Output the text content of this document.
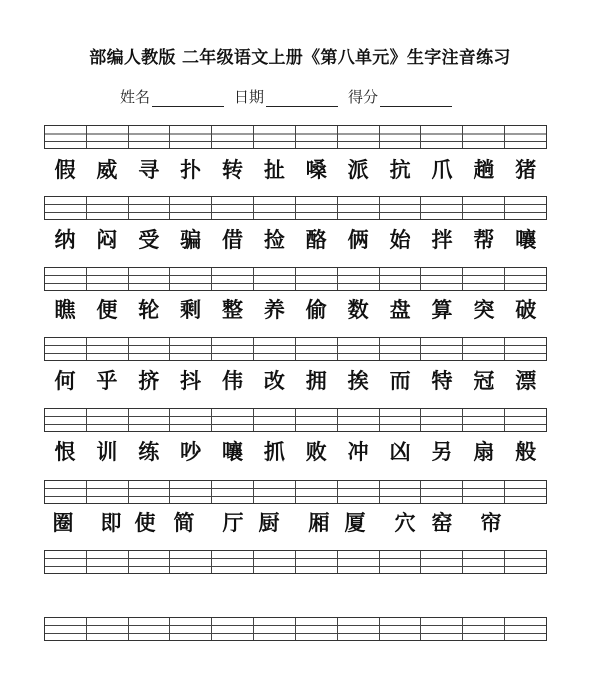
部编人教版 二年级语文上册《第八单元》生字注音练习
姓名	日期	得分
假 威 寻 扑 转 扯 嗓 派 抗 爪 趟 猪
纳 闷 受 骗 借 捡 酪 俩 始 拌 帮 嚷
瞧 便 轮 剩 整 养 偷 数 盘 算 突 破
何 乎 挤 抖 伟 改 拥 挨 而 特 冠 漂
恨 训 练 吵 嚷 抓 败 冲 凶 另 扇 般
圈	即 使 简	厅 厨	厢 厦	穴 窑	帘
